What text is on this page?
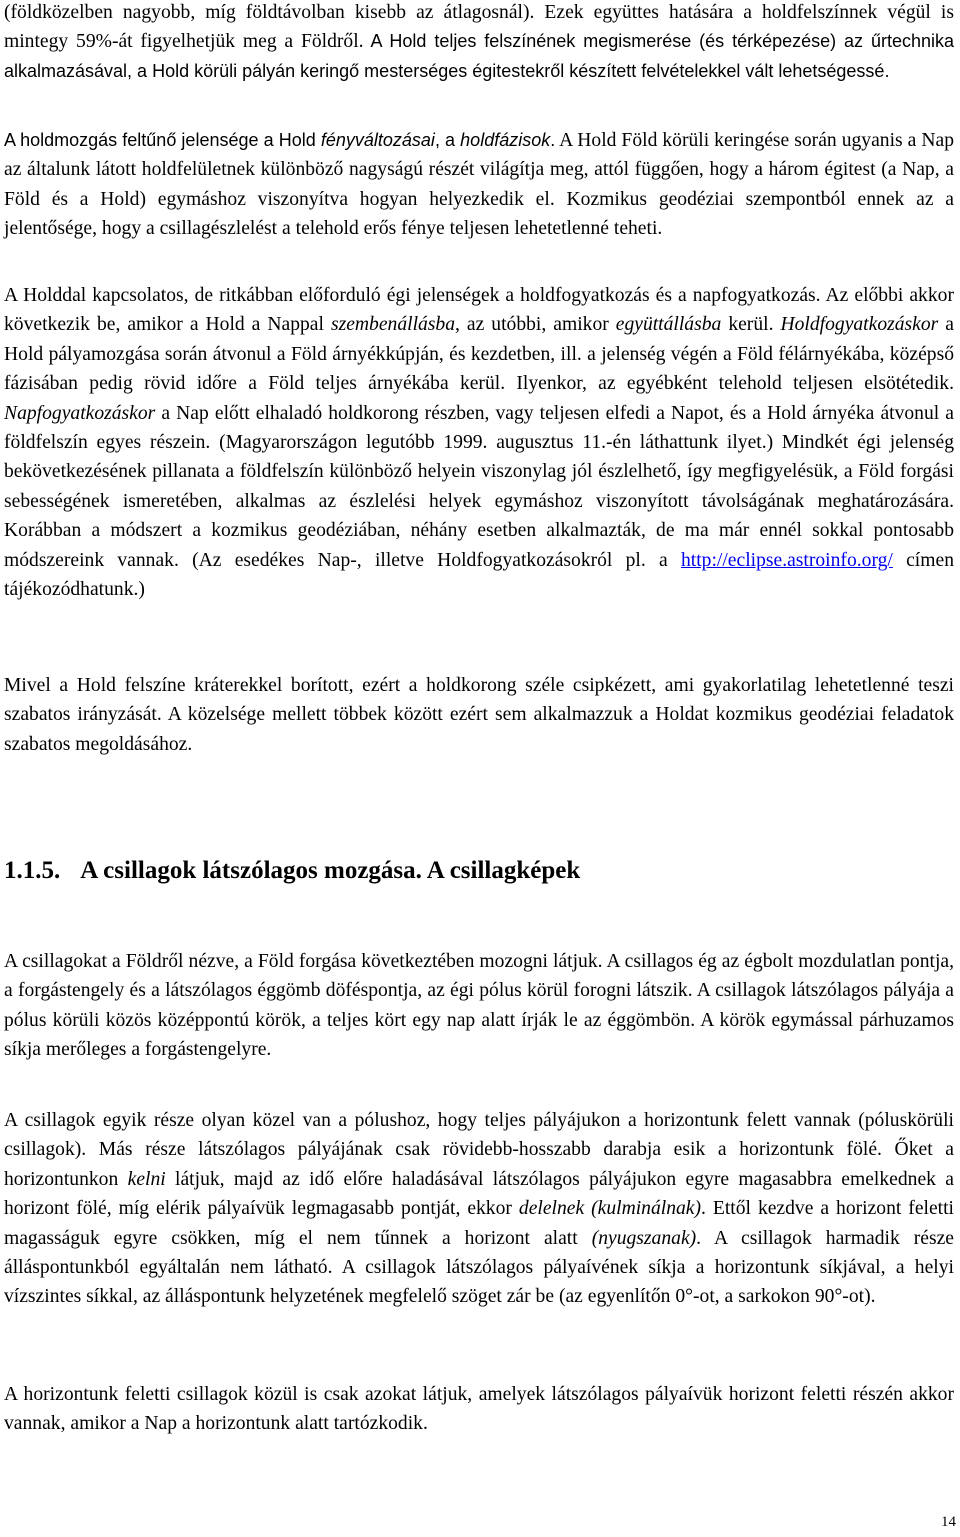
(földközelben nagyobb, míg földtávolban kisebb az átlagosnál). Ezek együttes hatására a holdfelszínnek végül is mintegy 59%-át figyelhetjük meg a Földről. A Hold teljes felszínének megismerése (és térképezése) az űrtechnika alkalmazásával, a Hold körüli pályán keringő mesterséges égitestekről készített felvételekkel vált lehetségessé.

A holdmozgás feltűnő jelensége a Hold fényváltozásai, a holdfázisok. A Hold Föld körüli keringése során ugyanis a Nap az általunk látott holdfelületnek különböző nagyságú részét világítja meg, attól függően, hogy a három égitest (a Nap, a Föld és a Hold) egymáshoz viszonyítva hogyan helyezkedik el. Kozmikus geodéziai szempontból ennek az a jelentősége, hogy a csillagészlelést a telehold erős fénye teljesen lehetetlenné teheti.

A Holddal kapcsolatos, de ritkábban előforduló égi jelenségek a holdfogyatkozás és a napfogyatkozás. Az előbbi akkor következik be, amikor a Hold a Nappal szembenállásba, az utóbbi, amikor együttállásba kerül. Holdfogyatkozáskor a Hold pályamozgása során átvonul a Föld árnyékkúpján, és kezdetben, ill. a jelenség végén a Föld félárnyékába, középső fázisában pedig rövid időre a Föld teljes árnyékába kerül. Ilyenkor, az egyébként telehold teljesen elsötétedik. Napfogyatkozáskor a Nap előtt elhaladó holdkorong részben, vagy teljesen elfedi a Napot, és a Hold árnyéka átvonul a földfelszín egyes részein. (Magyarországon legutóbb 1999. augusztus 11.-én láthattunk ilyet.) Mindkét égi jelenség bekövetkezésének pillanata a földfelszín különböző helyein viszonylag jól észlelhető, így megfigyelésük, a Föld forgási sebességének ismeretében, alkalmas az észlelési helyek egymáshoz viszonyított távolságának meghatározására. Korábban a módszert a kozmikus geodéziában, néhány esetben alkalmazták, de ma már ennél sokkal pontosabb módszereink vannak. (Az esedékes Nap-, illetve Holdfogyatkozásokról pl. a http://eclipse.astroinfo.org/ címen tájékozódhatunk.)

Mivel a Hold felszíne kráterekkel borított, ezért a holdkorong széle csipkézett, ami gyakorlatilag lehetetlenné teszi szabatos irányzását. A közelsége mellett többek között ezért sem alkalmazzuk a Holdat kozmikus geodéziai feladatok szabatos megoldásához.

1.1.5. A csillagok látszólagos mozgása. A csillagképek

A csillagokat a Földről nézve, a Föld forgása következtében mozogni látjuk. A csillagos ég az égbolt mozdulatlan pontja, a forgástengely és a látszólagos éggömb döféspontja, az égi pólus körül forogni látszik. A csillagok látszólagos pályája a pólus körüli közös középpontú körök, a teljes kört egy nap alatt írják le az éggömbön. A körök egymással párhuzamos síkja merőleges a forgástengelyre.

A csillagok egyik része olyan közel van a pólushoz, hogy teljes pályájukon a horizontunk felett vannak (póluskörüli csillagok). Más része látszólagos pályájának csak rövidebb-hosszabb darabja esik a horizontunk fölé. Őket a horizontunkon kelni látjuk, majd az idő előre haladásával látszólagos pályájukon egyre magasabbra emelkednek a horizont fölé, míg elérik pályaívük legmagasabb pontját, ekkor delelnek (kulminálnak). Ettől kezdve a horizont feletti magasságuk egyre csökken, míg el nem tűnnek a horizont alatt (nyugszanak). A csillagok harmadik része álláspontunkból egyáltalán nem látható. A csillagok látszólagos pályaívének síkja a horizontunk síkjával, a helyi vízszintes síkkal, az álláspontunk helyzetének megfelelő szöget zár be (az egyenlítőn 0°-ot, a sarkokon 90°-ot).

A horizontunk feletti csillagok közül is csak azokat látjuk, amelyek látszólagos pályaívük horizont feletti részén akkor vannak, amikor a Nap a horizontunk alatt tartózkodik.

14
